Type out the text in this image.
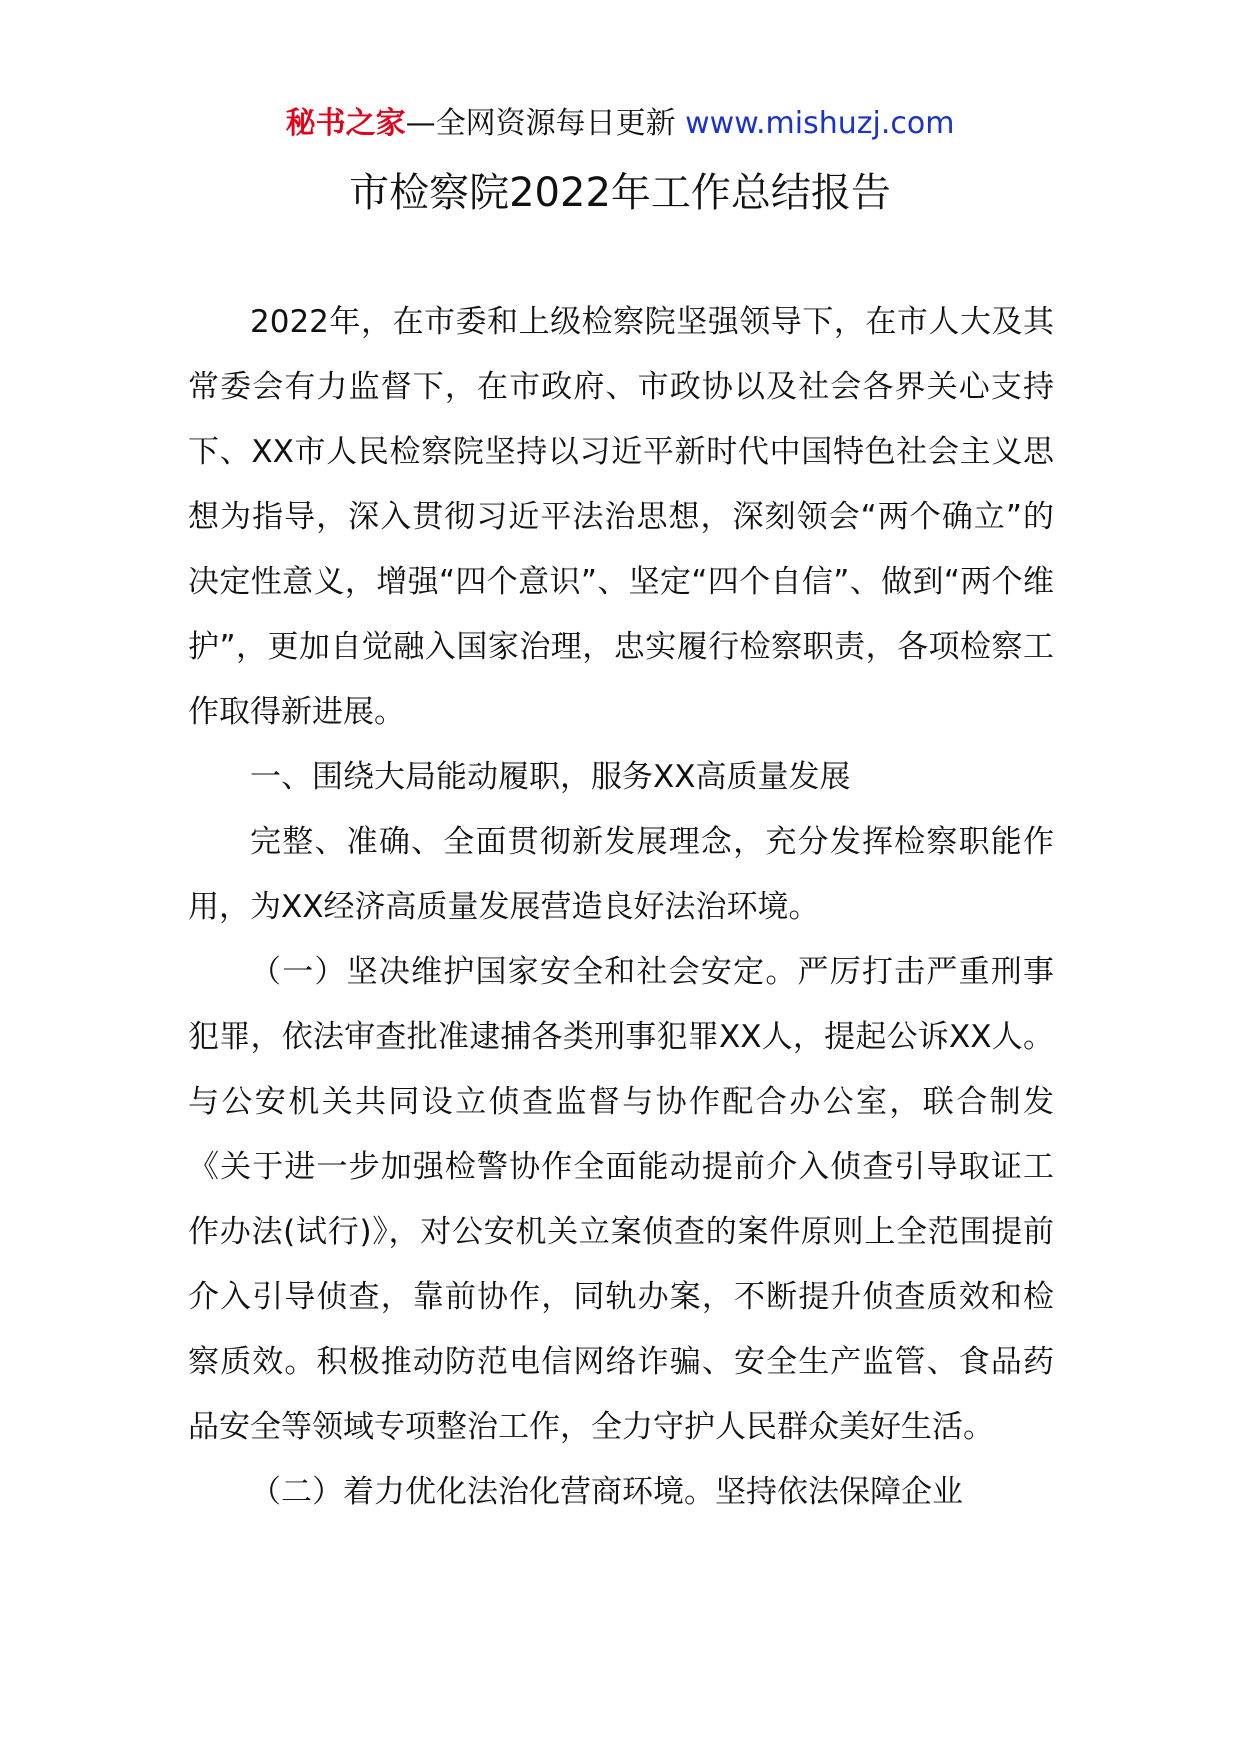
秘书之家—全网资源每日更新 www.mishuzj.com
市检察院2022年工作总结报告

2022年，在市委和上级检察院坚强领导下，在市人大及其常委会有力监督下，在市政府、市政协以及社会各界关心支持下、XX市人民检察院坚持以习近平新时代中国特色社会主义思想为指导，深入贯彻习近平法治思想，深刻领会“两个确立”的决定性意义，增强“四个意识”、坚定“四个自信”、做到“两个维护”，更加自觉融入国家治理，忠实履行检察职责，各项检察工作取得新进展。

一、围绕大局能动履职，服务XX高质量发展

完整、准确、全面贯彻新发展理念，充分发挥检察职能作用，为XX经济高质量发展营造良好法治环境。

（一）坚决维护国家安全和社会安定。严厉打击严重刑事犯罪，依法审查批准逮捕各类刑事犯罪XX人，提起公诉XX人。与公安机关共同设立侦查监督与协作配合办公室，联合制发《关于进一步加强检警协作全面能动提前介入侦查引导取证工作办法(试行)》，对公安机关立案侦查的案件原则上全范围提前介入引导侦查，靠前协作，同轨办案，不断提升侦查质效和检察质效。积极推动防范电信网络诈骗、安全生产监管、食品药品安全等领域专项整治工作，全力守护人民群众美好生活。

（二）着力优化法治化营商环境。坚持依法保障企业
